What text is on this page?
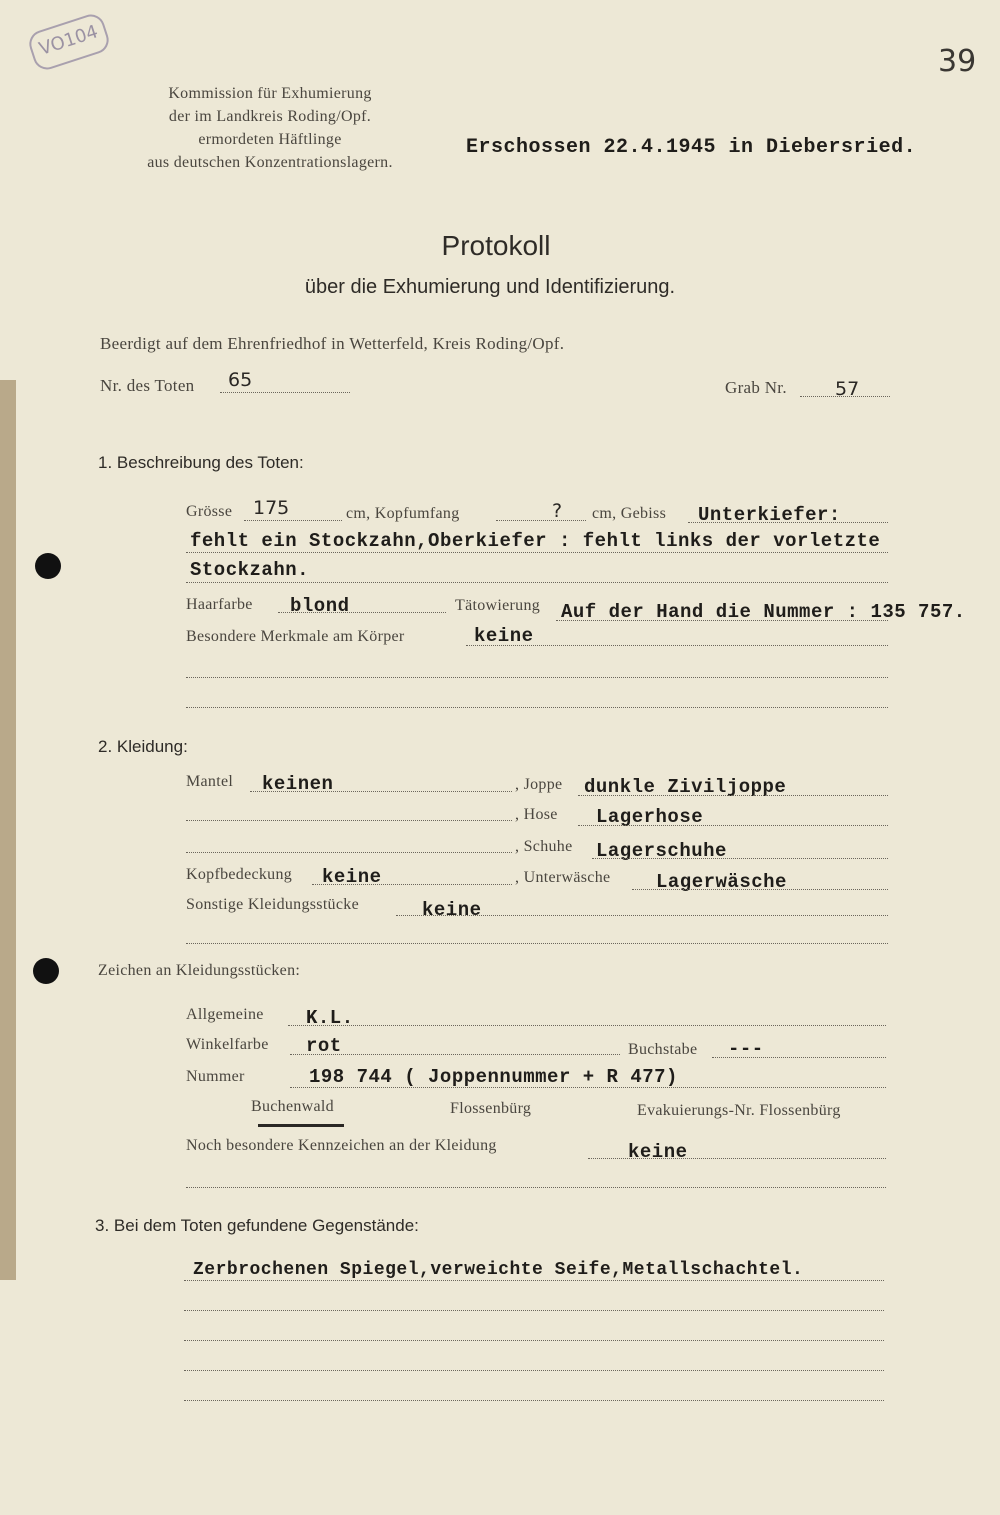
VO104
39
Kommission für Exhumierung
der im Landkreis Roding/Opf.
ermordeten Häftlinge
aus deutschen Konzentrationslagern.
Erschossen 22.4.1945 in Diebersried.
Protokoll
über die Exhumierung und Identifizierung.
Beerdigt auf dem Ehrenfriedhof in Wetterfeld, Kreis Roding/Opf.
Nr. des Toten 65	Grab Nr.	57
1. Beschreibung des Toten:
Grösse 175	cm, Kopfumfang	? cm, Gebiss Unterkiefer:
fehlt ein Stockzahn,Oberkiefer : fehlt links der vorletzte
Stockzahn.
Haarfarbe blond	Tätowierung Auf der Hand die Nummer : 135 757.
Besondere Merkmale am Körper	keine
2. Kleidung:
Mantel keinen	, Joppe dunkle Ziviljoppe
, Hose Lagerhose
, Schuhe Lagerschuhe
Kopfbedeckung keine	, Unterwäsche Lagerwäsche
Sonstige Kleidungsstücke	keine
Zeichen an Kleidungsstücken:
Allgemeine K.L.
Winkelfarbe rot	Buchstabe ---
Nummer	198 744 ( Joppennummer + R 477)
Buchenwald	Flossenbürg	Evakuierungs-Nr. Flossenbürg
Noch besondere Kennzeichen an der Kleidung	keine
3. Bei dem Toten gefundene Gegenstände:
Zerbrochenen Spiegel,verweichte Seife,Metallschachtel.
